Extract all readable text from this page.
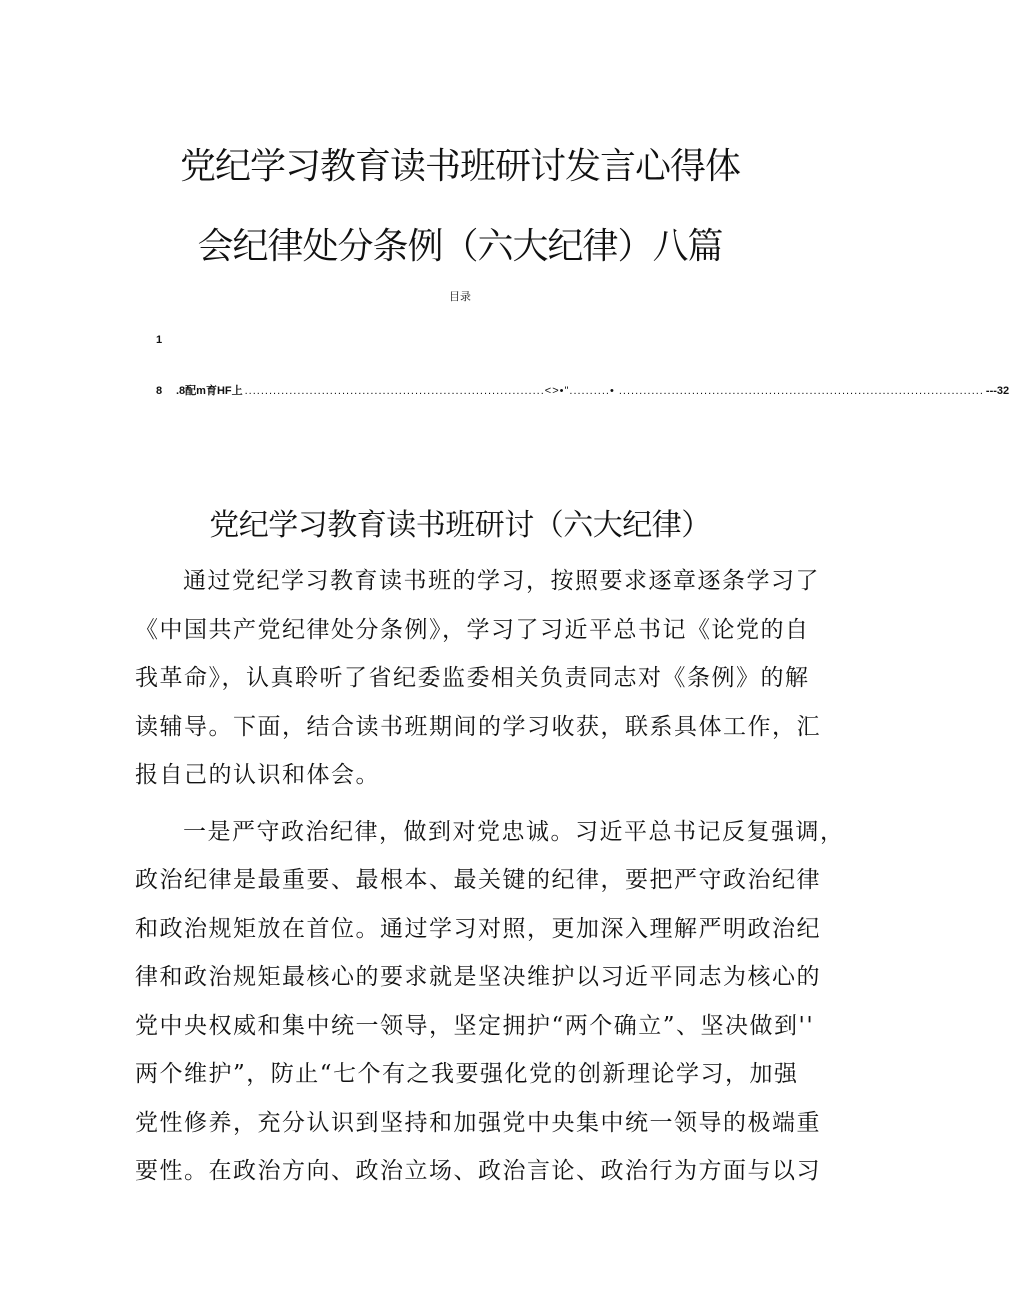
党纪学习教育读书班研讨发言心得体
会纪律处分条例（六大纪律）八篇
目录
1
8	.8配m育HF上 ..........................................................................<>•"..........• .......................................................................................... ---32
党纪学习教育读书班研讨（六大纪律）
通过党纪学习教育读书班的学习，按照要求逐章逐条学习了
《中国共产党纪律处分条例》，学习了习近平总书记《论党的自
我革命》，认真聆听了省纪委监委相关负责同志对《条例》的解
读辅导。下面，结合读书班期间的学习收获，联系具体工作，汇
报自己的认识和体会。
一是严守政治纪律，做到对党忠诚。习近平总书记反复强调，
政治纪律是最重要、最根本、最关键的纪律，要把严守政治纪律
和政治规矩放在首位。通过学习对照，更加深入理解严明政治纪
律和政治规矩最核心的要求就是坚决维护以习近平同志为核心的
党中央权威和集中统一领导，坚定拥护“两个确立”、坚决做到''
两个维护”，防止“七个有之我要强化党的创新理论学习，加强
党性修养，充分认识到坚持和加强党中央集中统一领导的极端重
要性。在政治方向、政治立场、政治言论、政治行为方面与以习
